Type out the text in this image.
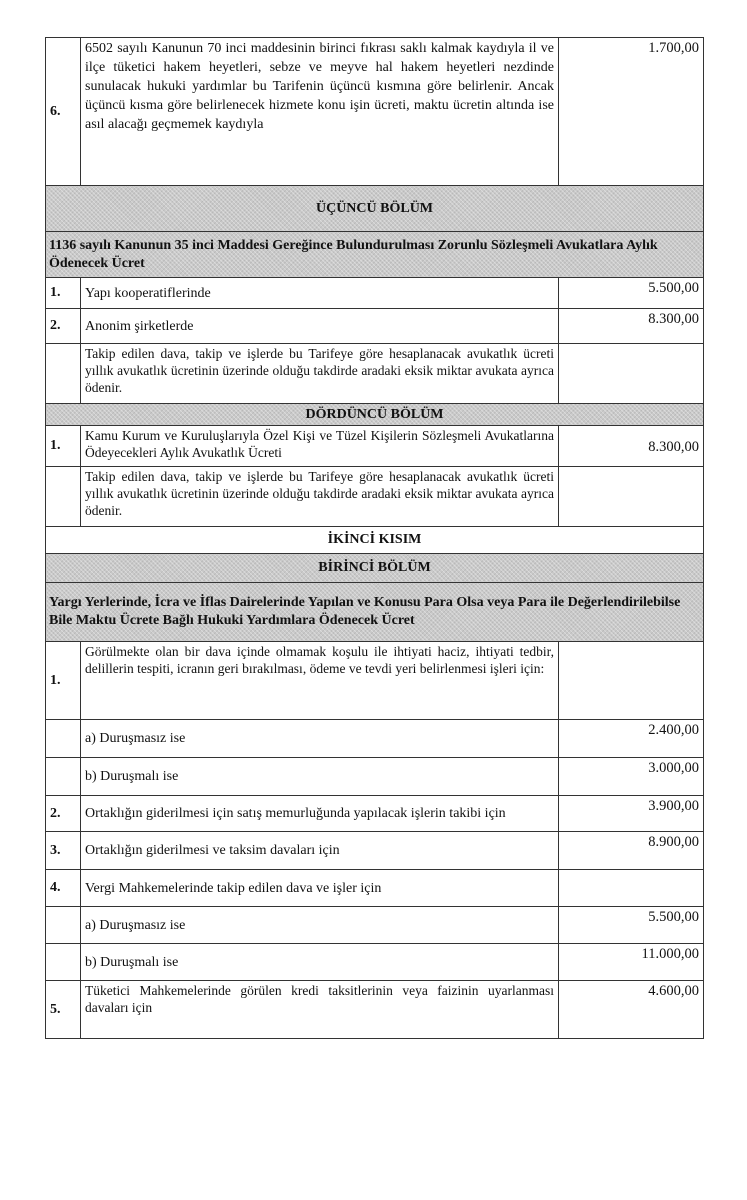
6.	6502 sayılı Kanunun 70 inci maddesinin birinci fıkrası saklı kalmak kaydıyla il ve ilçe tüketici hakem heyetleri, sebze ve meyve hal hakem heyetleri nezdinde sunulacak hukuki yardımlar bu Tarifenin üçüncü kısmına göre belirlenir. Ancak üçüncü kısma göre belirlenecek hizmete konu işin ücreti, maktu ücretin altında ise asıl alacağı geçmemek kaydıyla	1.700,00
ÜÇÜNCÜ BÖLÜM		
1136 sayılı Kanunun 35 inci Maddesi Gereğince Bulundurulması Zorunlu Sözleşmeli Avukatlara Aylık Ödenecek Ücret		
1.	Yapı kooperatiflerinde	5.500,00
2.	Anonim şirketlerde	8.300,00
	Takip edilen dava, takip ve işlerde bu Tarifeye göre hesaplanacak avukatlık ücreti yıllık avukatlık ücretinin üzerinde olduğu takdirde aradaki eksik miktar avukata ayrıca ödenir.	
DÖRDÜNCÜ BÖLÜM		
1.	Kamu Kurum ve Kuruluşlarıyla Özel Kişi ve Tüzel Kişilerin Sözleşmeli Avukatlarına Ödeyecekleri Aylık Avukatlık Ücreti	8.300,00
	Takip edilen dava, takip ve işlerde bu Tarifeye göre hesaplanacak avukatlık ücreti yıllık avukatlık ücretinin üzerinde olduğu takdirde aradaki eksik miktar avukata ayrıca ödenir.	
İKİNCİ KISIM		
BİRİNCİ BÖLÜM		
Yargı Yerlerinde, İcra ve İflas Dairelerinde Yapılan ve Konusu Para Olsa veya Para ile Değerlendirilebilse Bile Maktu Ücrete Bağlı Hukuki Yardımlara Ödenecek Ücret		
1.	Görülmekte olan bir dava içinde olmamak koşulu ile ihtiyati haciz, ihtiyati tedbir, delillerin tespiti, icranın geri bırakılması, ödeme ve tevdi yeri belirlenmesi işleri için:	
	a) Duruşmasız ise	2.400,00
	b) Duruşmalı ise	3.000,00
2.	Ortaklığın giderilmesi için satış memurluğunda yapılacak işlerin takibi için	3.900,00
3.	Ortaklığın giderilmesi ve taksim davaları için	8.900,00
4.	Vergi Mahkemelerinde takip edilen dava ve işler için	
	a) Duruşmasız ise	5.500,00
	b) Duruşmalı ise	11.000,00
5.	Tüketici Mahkemelerinde görülen kredi taksitlerinin veya faizinin uyarlanması davaları için	4.600,00
